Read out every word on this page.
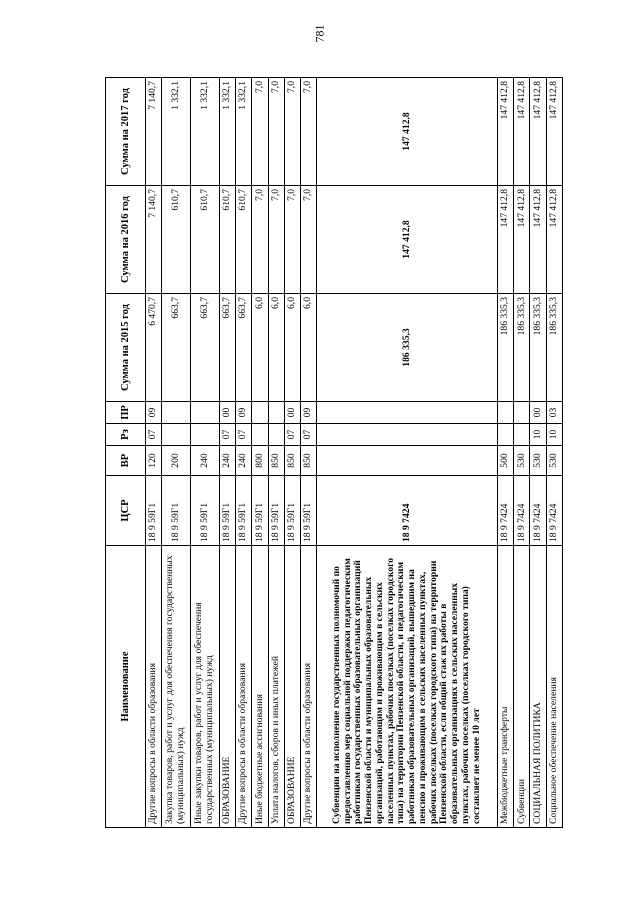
781
Наименование	ЦСР	ВР	Рз	ПР	Сумма на 2015 год	Сумма на 2016 год	Сумма на 2017 год
Другие вопросы в области образования	18 9 59Г1	120	07	09	6 470,7	7 140,7	7 140,7
Закупка товаров, работ и услуг для обеспечения государственных (муниципальных) нужд	18 9 59Г1	200			663,7	610,7	1 332,1
Иные закупки товаров, работ и услуг для обеспечения государственных (муниципальных) нужд	18 9 59Г1	240			663,7	610,7	1 332,1
ОБРАЗОВАНИЕ	18 9 59Г1	240	07	00	663,7	610,7	1 332,1
Другие вопросы в области образования	18 9 59Г1	240	07	09	663,7	610,7	1 332,1
Иные бюджетные ассигнования	18 9 59Г1	800			6,0	7,0	7,0
Уплата налогов, сборов и иных платежей	18 9 59Г1	850			6,0	7,0	7,0
ОБРАЗОВАНИЕ	18 9 59Г1	850	07	00	6,0	7,0	7,0
Другие вопросы в области образования	18 9 59Г1	850	07	09	6,0	7,0	7,0
Субвенции на исполнение государственных полномочий по предоставлению мер социальной поддержки педагогическим работникам государственных образовательных организаций Пензенской области и муниципальных образовательных организаций, работающим и проживающим в сельских населенных пунктах, рабочих поселках (поселках городского типа) на территории Пензенской области, и педагогическим работникам образовательных организаций, вышедшим на пенсию и проживающим в сельских населенных пунктах, рабочих поселках (поселках городского типа) на территории Пензенской области, если общий стаж их работы в образовательных организациях в сельских населенных пунктах, рабочих поселках (поселках городского типа) составляет не менее 10 лет	18 9 7424				186 335,3	147 412,8	147 412,8
Межбюджетные трансферты	18 9 7424	500			186 335,3	147 412,8	147 412,8
Субвенции	18 9 7424	530			186 335,3	147 412,8	147 412,8
СОЦИАЛЬНАЯ ПОЛИТИКА	18 9 7424	530	10	00	186 335,3	147 412,8	147 412,8
Социальное обеспечение населения	18 9 7424	530	10	03	186 335,3	147 412,8	147 412,8
